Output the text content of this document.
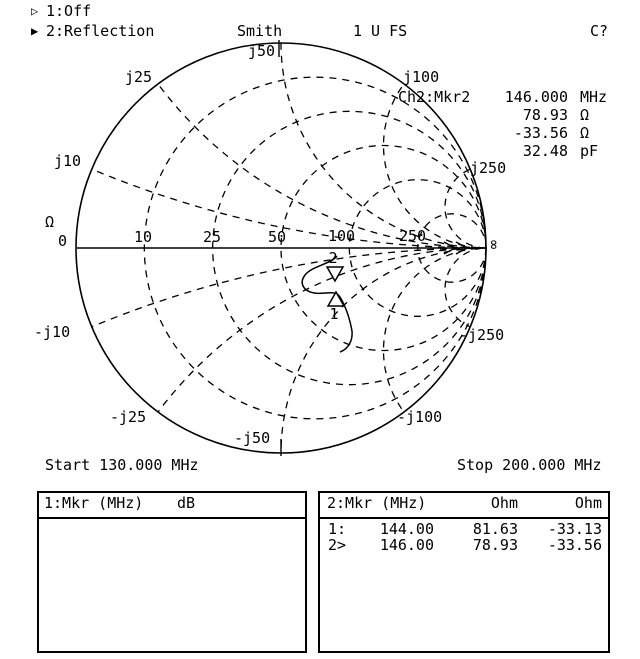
▷ 1:Off
▶ 2:Reflection	Smith	1 U FS	C?
Ch2:Mkr2	146.000 MHz
78.93 Ω
-33.56 Ω
32.48 pF
2
1
j50
j25	j100
j10	j250
Ω
0	10	25	50	100	250
-j10
-j25
-j50
-j100
-j250
∞
Start 130.000 MHz	Stop 200.000 MHz
1:Mkr (MHz) dB	2:Mkr (MHz)	Ohm	Ohm
1:	144.00	81.63	-33.13
2>	146.00	78.93	-33.56
